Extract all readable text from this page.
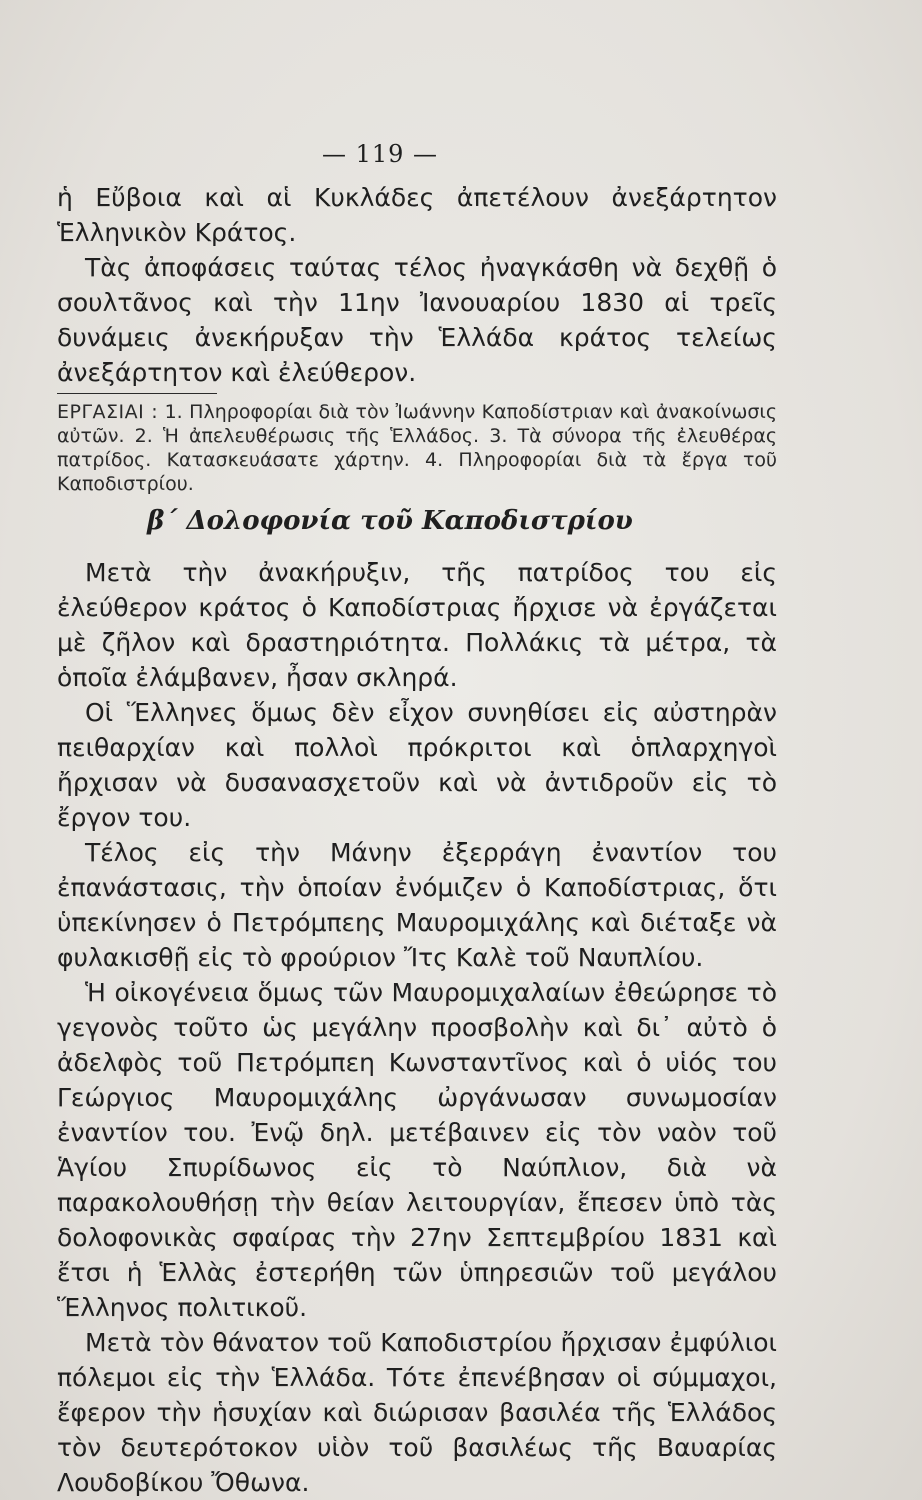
— 119 —

ἡ Εὔβοια καὶ αἱ Κυκλάδες ἀπετέλουν ἀνεξάρτητον Ἑλληνικὸν Κράτος.

Τὰς ἀποφάσεις ταύτας τέλος ἠναγκάσθη νὰ δεχθῇ ὁ σουλτᾶνος καὶ τὴν 11ην Ἰανουαρίου 1830 αἱ τρεῖς δυνάμεις ἀνεκήρυξαν τὴν Ἑλλάδα κράτος τελείως ἀνεξάρτητον καὶ ἐλεύθερον.

ΕΡΓΑΣΙΑΙ : 1. Πληροφορίαι διὰ τὸν Ἰωάννην Καποδίστριαν καὶ ἀνακοίνωσις αὐτῶν. 2. Ἡ ἀπελευθέρωσις τῆς Ἑλλάδος. 3. Τὰ σύνορα τῆς ἐλευθέρας πατρίδος. Κατασκευάσατε χάρτην. 4. Πληροφορίαι διὰ τὰ ἔργα τοῦ Καποδιστρίου.
β΄ Δολοφονία τοῦ Καποδιστρίου

Μετὰ τὴν ἀνακήρυξιν, τῆς πατρίδος του εἰς ἐλεύθερον κράτος ὁ Καποδίστριας ἤρχισε νὰ ἐργάζεται μὲ ζῆλον καὶ δραστηριότητα. Πολλάκις τὰ μέτρα, τὰ ὁποῖα ἐλάμβανεν, ἦσαν σκληρά.

Οἱ Ἕλληνες ὅμως δὲν εἶχον συνηθίσει εἰς αὐστηρὰν πειθαρχίαν καὶ πολλοὶ πρόκριτοι καὶ ὁπλαρχηγοὶ ἤρχισαν νὰ δυσανασχετοῦν καὶ νὰ ἀντιδροῦν εἰς τὸ ἔργον του.

Τέλος εἰς τὴν Μάνην ἐξερράγη ἐναντίον του ἐπανάστασις, τὴν ὁποίαν ἐνόμιζεν ὁ Καποδίστριας, ὅτι ὑπεκίνησεν ὁ Πετρόμπεης Μαυρομιχάλης καὶ διέταξε νὰ φυλακισθῇ εἰς τὸ φρούριον Ἴτς Καλὲ τοῦ Ναυπλίου.

Ἡ οἰκογένεια ὅμως τῶν Μαυρομιχαλαίων ἐθεώρησε τὸ γεγονὸς τοῦτο ὡς μεγάλην προσβολὴν καὶ δι᾽ αὐτὸ ὁ ἀδελφὸς τοῦ Πετρόμπεη Κωνσταντῖνος καὶ ὁ υἱός του Γεώργιος Μαυρομιχάλης ὠργάνωσαν συνωμοσίαν ἐναντίον του. Ἐνῷ δηλ. μετέβαινεν εἰς τὸν ναὸν τοῦ Ἁγίου Σπυρίδωνος εἰς τὸ Ναύπλιον, διὰ νὰ παρακολουθήσῃ τὴν θείαν λειτουργίαν, ἔπεσεν ὑπὸ τὰς δολοφονικὰς σφαίρας τὴν 27ην Σεπτεμβρίου 1831 καὶ ἔτσι ἡ Ἑλλὰς ἐστερήθη τῶν ὑπηρεσιῶν τοῦ μεγάλου Ἕλληνος πολιτικοῦ.

Μετὰ τὸν θάνατον τοῦ Καποδιστρίου ἤρχισαν ἐμφύλιοι πόλεμοι εἰς τὴν Ἑλλάδα. Τότε ἐπενέβησαν οἱ σύμμαχοι, ἔφερον τὴν ἡσυχίαν καὶ διώρισαν βασιλέα τῆς Ἑλλάδος τὸν δευτερότοκον υἱὸν τοῦ βασιλέως τῆς Βαυαρίας Λουδοβίκου Ὄθωνα.
